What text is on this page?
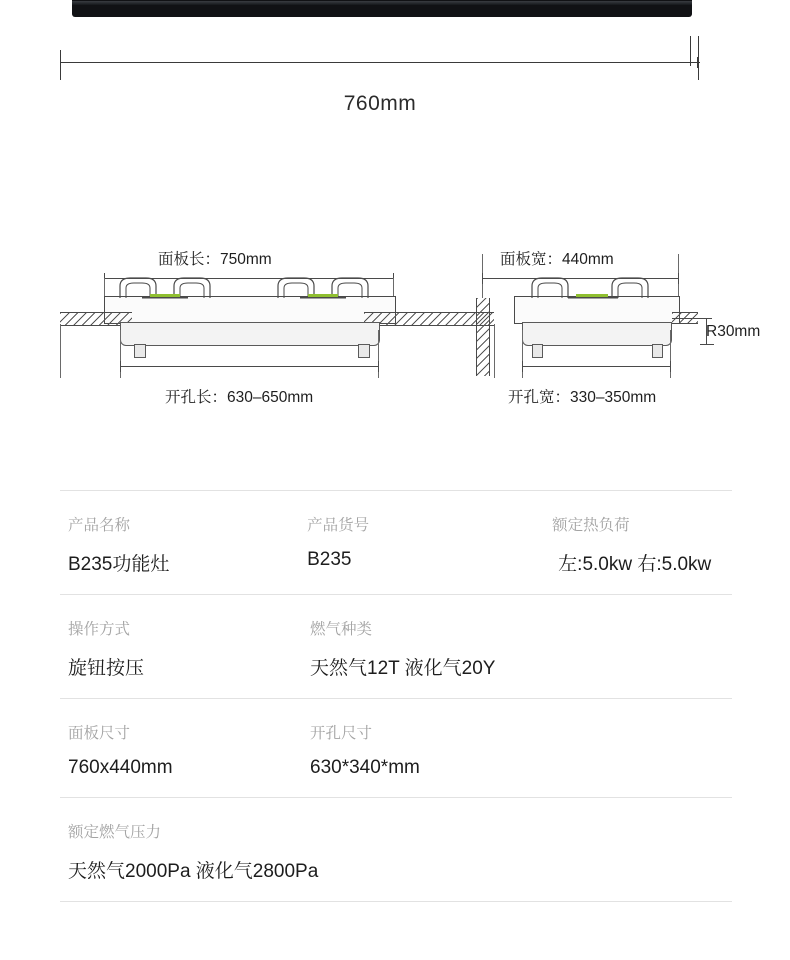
760mm
面板长：750mm
开孔长：630–650mm
面板宽：440mm
R30mm
开孔宽：330–350mm
产品名称
B235功能灶
产品货号
B235
额定热负荷
左:5.0kw 右:5.0kw
操作方式
旋钮按压
燃气种类
天然气12T 液化气20Y
面板尺寸
760x440mm
开孔尺寸
630*340*mm
额定燃气压力
天然气2000Pa 液化气2800Pa
